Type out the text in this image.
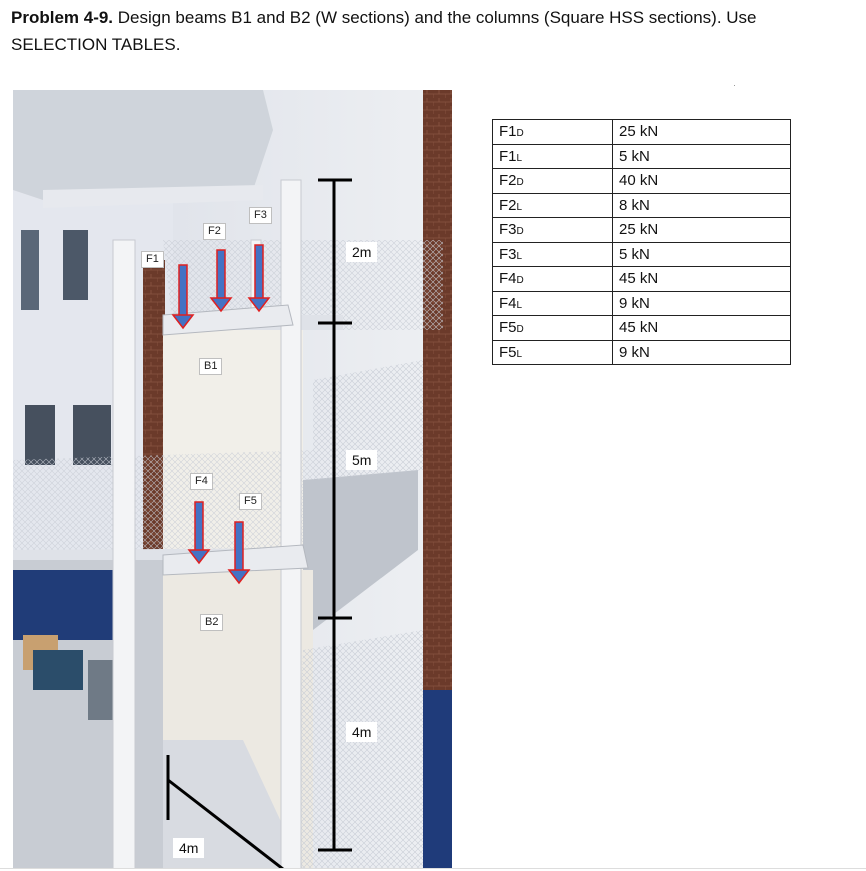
Problem 4-9. Design beams B1 and B2 (W sections) and the columns (Square HSS sections). Use SELECTION TABLES.
F1
F2
F3
F4
F5
B1
B2
2m
5m
4m
4m
F1D	25 kN
F1L	5 kN
F2D	40 kN
F2L	8 kN
F3D	25 kN
F3L	5 kN
F4D	45 kN
F4L	9 kN
F5D	45 kN
F5L	9 kN
